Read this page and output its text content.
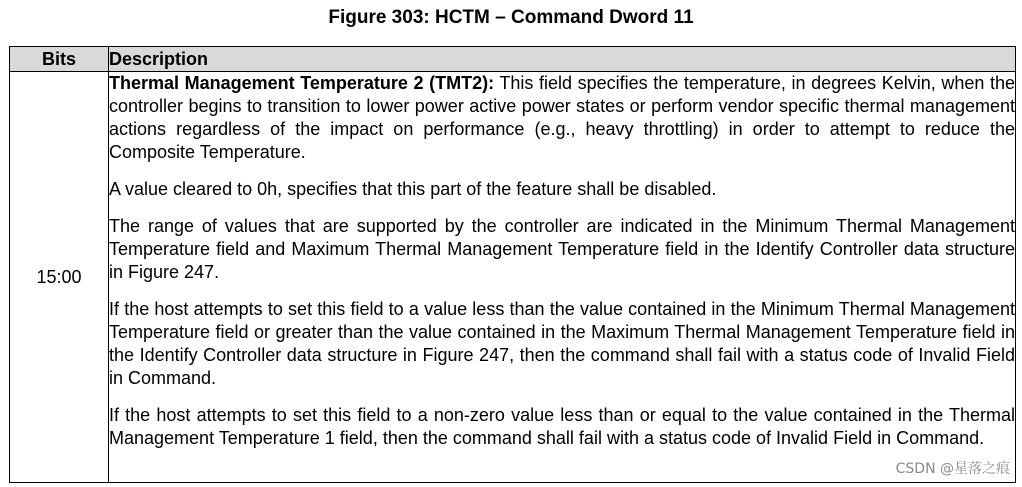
Figure 303: HCTM – Command Dword 11
Bits	Description
15:00	Thermal Management Temperature 2 (TMT2): This field specifies the temperature, in degrees Kelvin, when the controller begins to transition to lower power active power states or perform vendor specific thermal management actions regardless of the impact on performance (e.g., heavy throttling) in order to attempt to reduce the Composite Temperature.

A value cleared to 0h, specifies that this part of the feature shall be disabled.

The range of values that are supported by the controller are indicated in the Minimum Thermal Management Temperature field and Maximum Thermal Management Temperature field in the Identify Controller data structure in Figure 247.

If the host attempts to set this field to a value less than the value contained in the Minimum Thermal Management Temperature field or greater than the value contained in the Maximum Thermal Management Temperature field in the Identify Controller data structure in Figure 247, then the command shall fail with a status code of Invalid Field in Command.

If the host attempts to set this field to a non-zero value less than or equal to the value contained in the Thermal Management Temperature 1 field, then the command shall fail with a status code of Invalid Field in Command.

CSDN @星落之痕
